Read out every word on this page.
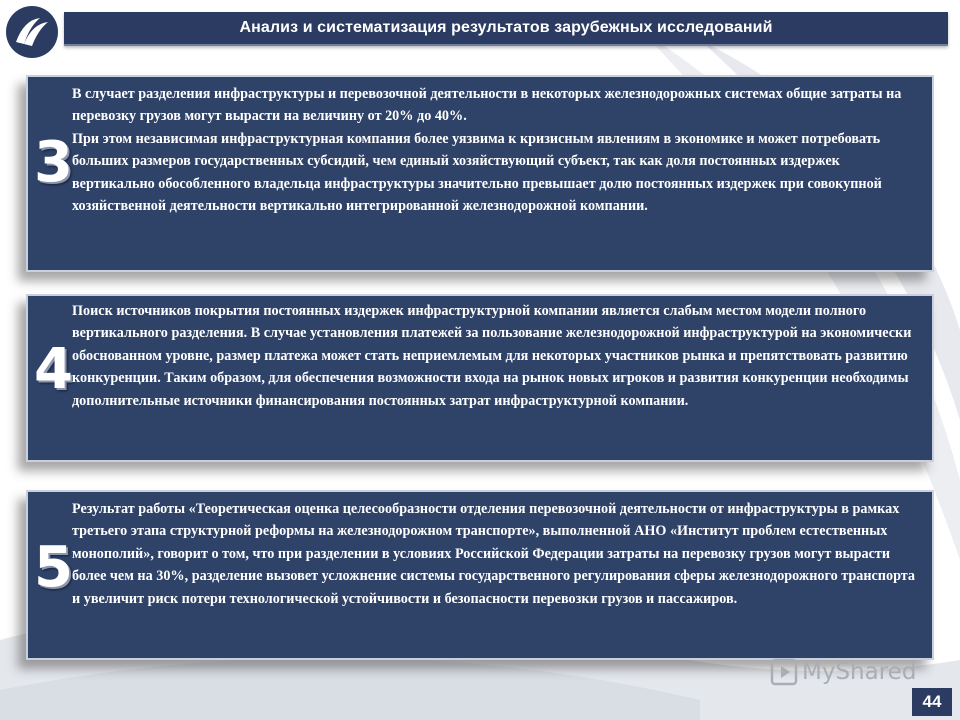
Анализ и систематизация результатов зарубежных исследований
3

В случает разделения инфраструктуры и перевозочной деятельности в некоторых железнодорожных системах общие затраты на перевозку грузов могут вырасти на величину от 20% до 40%.

При этом независимая инфраструктурная компания более уязвима к кризисным явлениям в экономике и может потребовать больших размеров государственных субсидий, чем единый хозяйствующий субъект, так как доля постоянных издержек вертикально обособленного владельца инфраструктуры значительно превышает долю постоянных издержек при совокупной хозяйственной деятельности вертикально интегрированной железнодорожной компании.

4

Поиск источников покрытия постоянных издержек инфраструктурной компании является слабым местом модели полного вертикального разделения. В случае установления платежей за пользование железнодорожной инфраструктурой на экономически обоснованном уровне, размер платежа может стать неприемлемым для некоторых участников рынка и препятствовать развитию конкуренции. Таким образом, для обеспечения возможности входа на рынок новых игроков и развития конкуренции необходимы дополнительные источники финансирования постоянных затрат инфраструктурной компании.

5

Результат работы «Теоретическая оценка целесообразности отделения перевозочной деятельности от инфраструктуры в рамках третьего этапа структурной реформы на железнодорожном транспорте», выполненной АНО «Институт проблем естественных монополий», говорит о том, что при разделении в условиях Российской Федерации затраты на перевозку грузов могут вырасти более чем на 30%, разделение вызовет усложнение системы государственного регулирования сферы железнодорожного транспорта и увеличит риск потери технологической устойчивости и безопасности перевозки грузов и пассажиров.

MyShared
44
